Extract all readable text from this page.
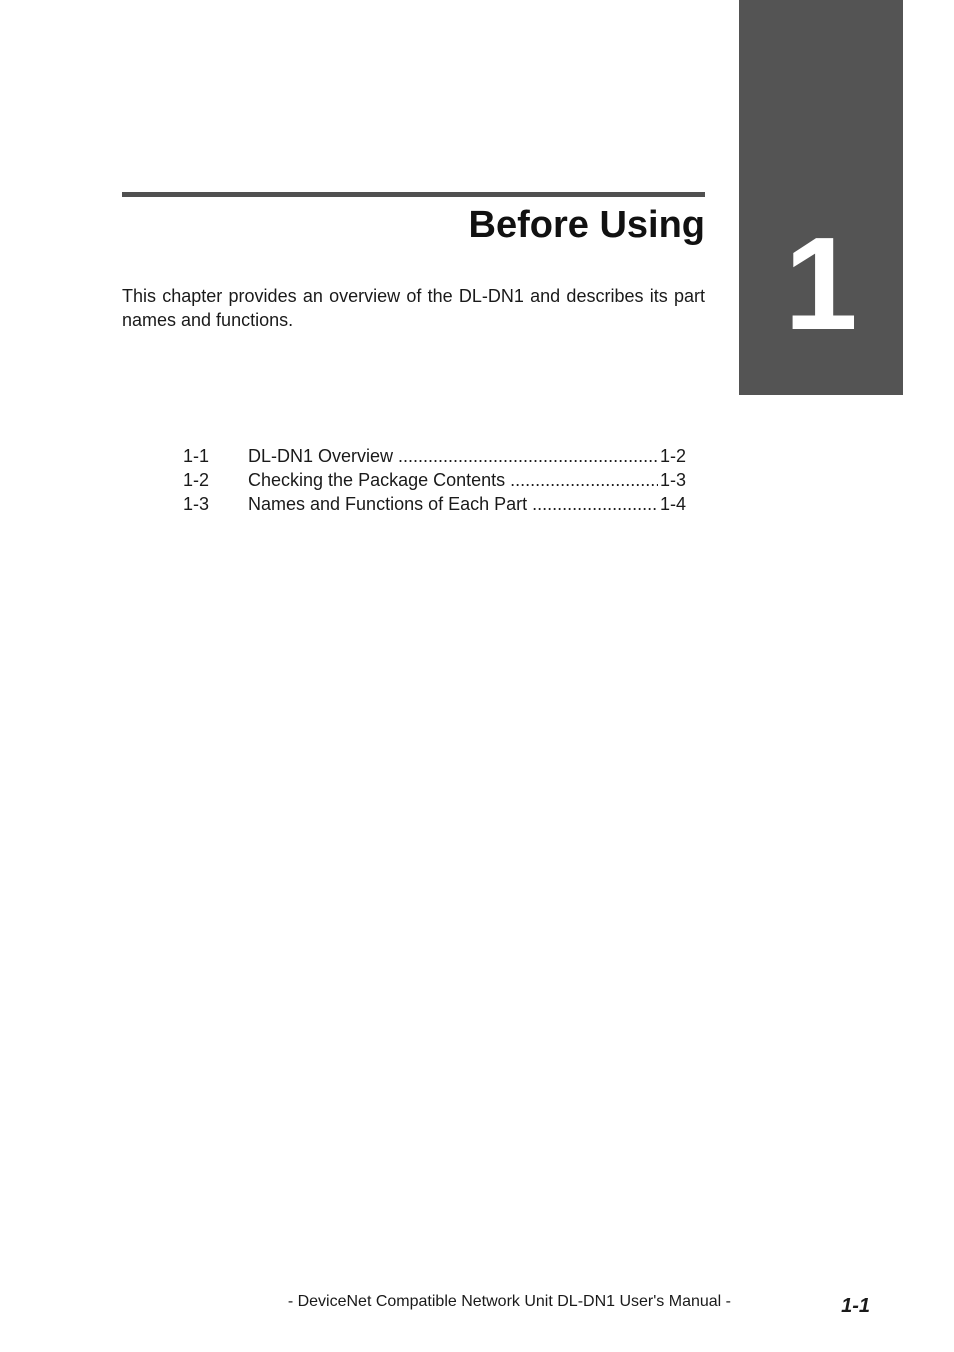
1
Before Using

This chapter provides an overview of the DL-DN1 and describes its part names and functions.

1-1	DL-DN1 Overview .....	1-2
1-2	Checking the Package Contents .....	1-3
1-3	Names and Functions of Each Part .....	1-4
- DeviceNet Compatible Network Unit DL-DN1 User's Manual -	1-1
